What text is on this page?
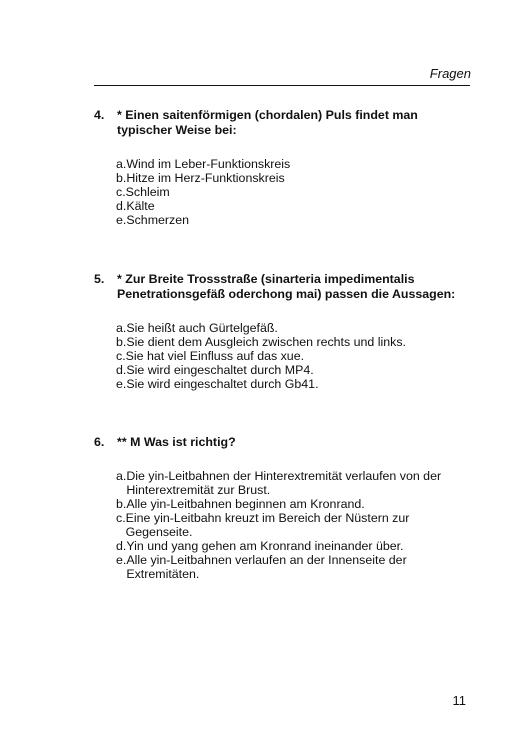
Fragen
4.	* Einen saitenförmigen (chordalen) Puls findet man typischer Weise bei:
a. Wind im Leber-Funktionskreis
b. Hitze im Herz-Funktionskreis
c. Schleim
d. Kälte
e. Schmerzen
5.	* Zur Breite Trossstraße (sinarteria impedimentalis Penetrationsgefäß oderchong mai) passen die Aussagen:
a. Sie heißt auch Gürtelgefäß.
b. Sie dient dem Ausgleich zwischen rechts und links.
c. Sie hat viel Einfluss auf das xue.
d. Sie wird eingeschaltet durch MP4.
e. Sie wird eingeschaltet durch Gb41.
6.	** M Was ist richtig?
a. Die yin-Leitbahnen der Hinterextremität verlaufen von der Hinterextremität zur Brust.
b. Alle yin-Leitbahnen beginnen am Kronrand.
c. Eine yin-Leitbahn kreuzt im Bereich der Nüstern zur Gegenseite.
d. Yin und yang gehen am Kronrand ineinander über.
e. Alle yin-Leitbahnen verlaufen an der Innenseite der Extremitäten.
11
